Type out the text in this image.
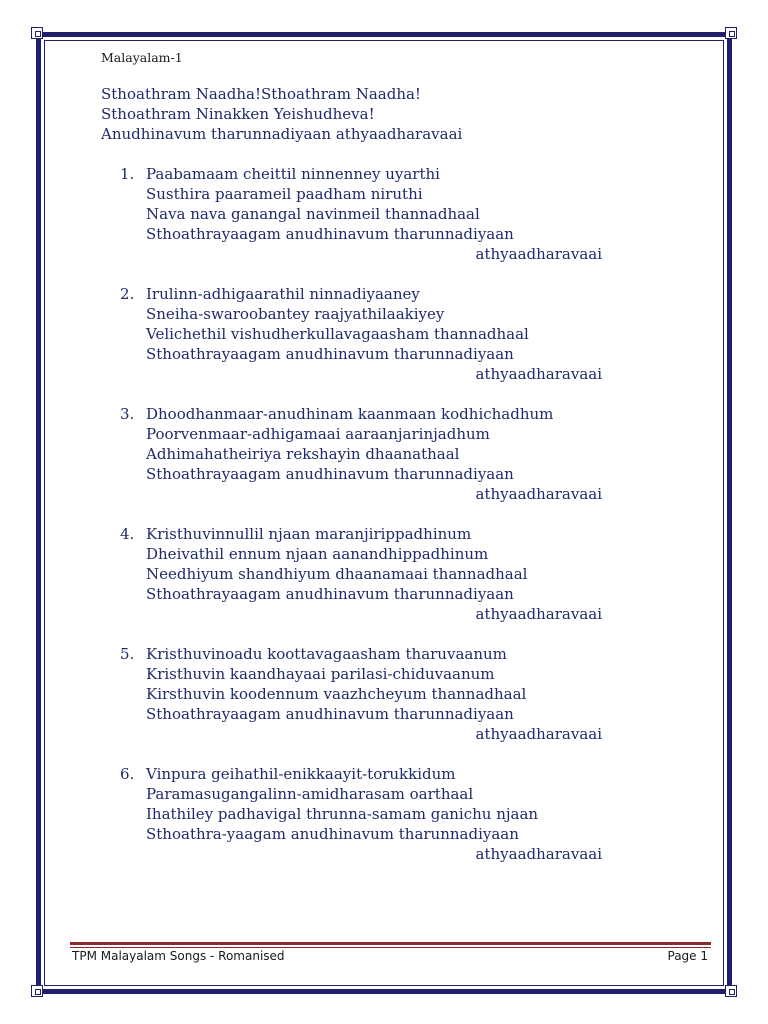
Malayalam-1
Sthoathram Naadha!Sthoathram Naadha!
Sthoathram Ninakken Yeishudheva!
Anudhinavum tharunnadiyaan athyaadharavaai
1. Paabamaam cheittil ninnenney uyarthi
Susthira paarameil paadham niruthi
Nava nava ganangal navinmeil thannadhaal
Sthoathrayaagam anudhinavum tharunnadiyaan
athyaadharavaai
2. Irulinn-adhigaarathil ninnadiyaaney
Sneiha-swaroobantey raajyathilaakiyey
Velichethil vishudherkullavagaasham thannadhaal
Sthoathrayaagam anudhinavum tharunnadiyaan
athyaadharavaai
3. Dhoodhanmaar-anudhinam kaanmaan kodhichadhum
Poorvenmaar-adhigamaai aaraanjarinjadhum
Adhimahatheiriya rekshayin dhaanathaal
Sthoathrayaagam anudhinavum tharunnadiyaan
athyaadharavaai
4. Kristhuvinnullil njaan maranjirippadhinum
Dheivathil ennum njaan aanandhippadhinum
Needhiyum shandhiyum dhaanamaai thannadhaal
Sthoathrayaagam anudhinavum tharunnadiyaan
athyaadharavaai
5. Kristhuvinoadu koottavagaasham tharuvaanum
Kristhuvin kaandhayaai parilasi-chiduvaanum
Kirsthuvin koodennum vaazhcheyum thannadhaal
Sthoathrayaagam anudhinavum tharunnadiyaan
athyaadharavaai
6. Vinpura geihathil-enikkaayit-torukkidum
Paramasugangalinn-amidharasam oarthaal
Ihathiley padhavigal thrunna-samam ganichu njaan
Sthoathra-yaagam anudhinavum tharunnadiyaan
athyaadharavaai
TPM Malayalam Songs - Romanised	Page 1
